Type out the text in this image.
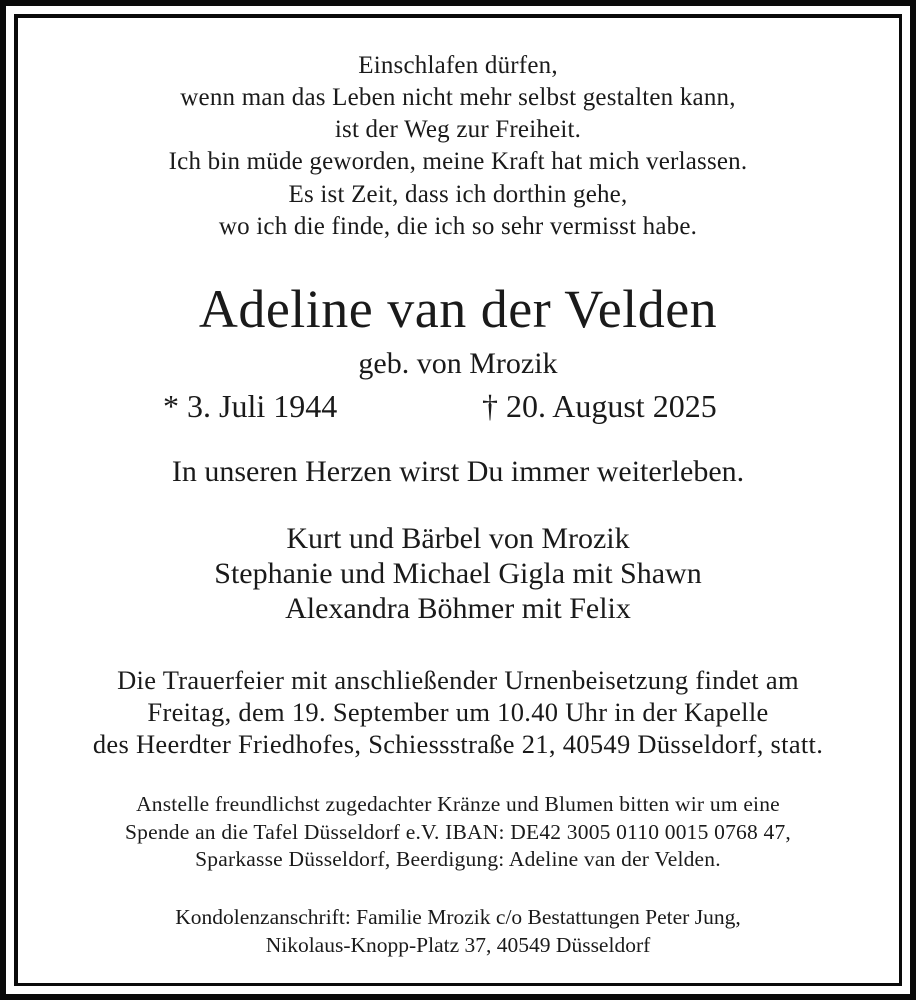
Einschlafen dürfen,
wenn man das Leben nicht mehr selbst gestalten kann,
ist der Weg zur Freiheit.
Ich bin müde geworden, meine Kraft hat mich verlassen.
Es ist Zeit, dass ich dorthin gehe,
wo ich die finde, die ich so sehr vermisst habe.
Adeline van der Velden
geb. von Mrozik
* 3. Juli 1944	† 20. August 2025
In unseren Herzen wirst Du immer weiterleben.
Kurt und Bärbel von Mrozik
Stephanie und Michael Gigla mit Shawn
Alexandra Böhmer mit Felix
Die Trauerfeier mit anschließender Urnenbeisetzung findet am
Freitag, dem 19. September um 10.40 Uhr in der Kapelle
des Heerdter Friedhofes, Schiessstraße 21, 40549 Düsseldorf, statt.
Anstelle freundlichst zugedachter Kränze und Blumen bitten wir um eine
Spende an die Tafel Düsseldorf e.V. IBAN: DE42 3005 0110 0015 0768 47,
Sparkasse Düsseldorf, Beerdigung: Adeline van der Velden.
Kondolenzanschrift: Familie Mrozik c/o Bestattungen Peter Jung,
Nikolaus-Knopp-Platz 37, 40549 Düsseldorf
